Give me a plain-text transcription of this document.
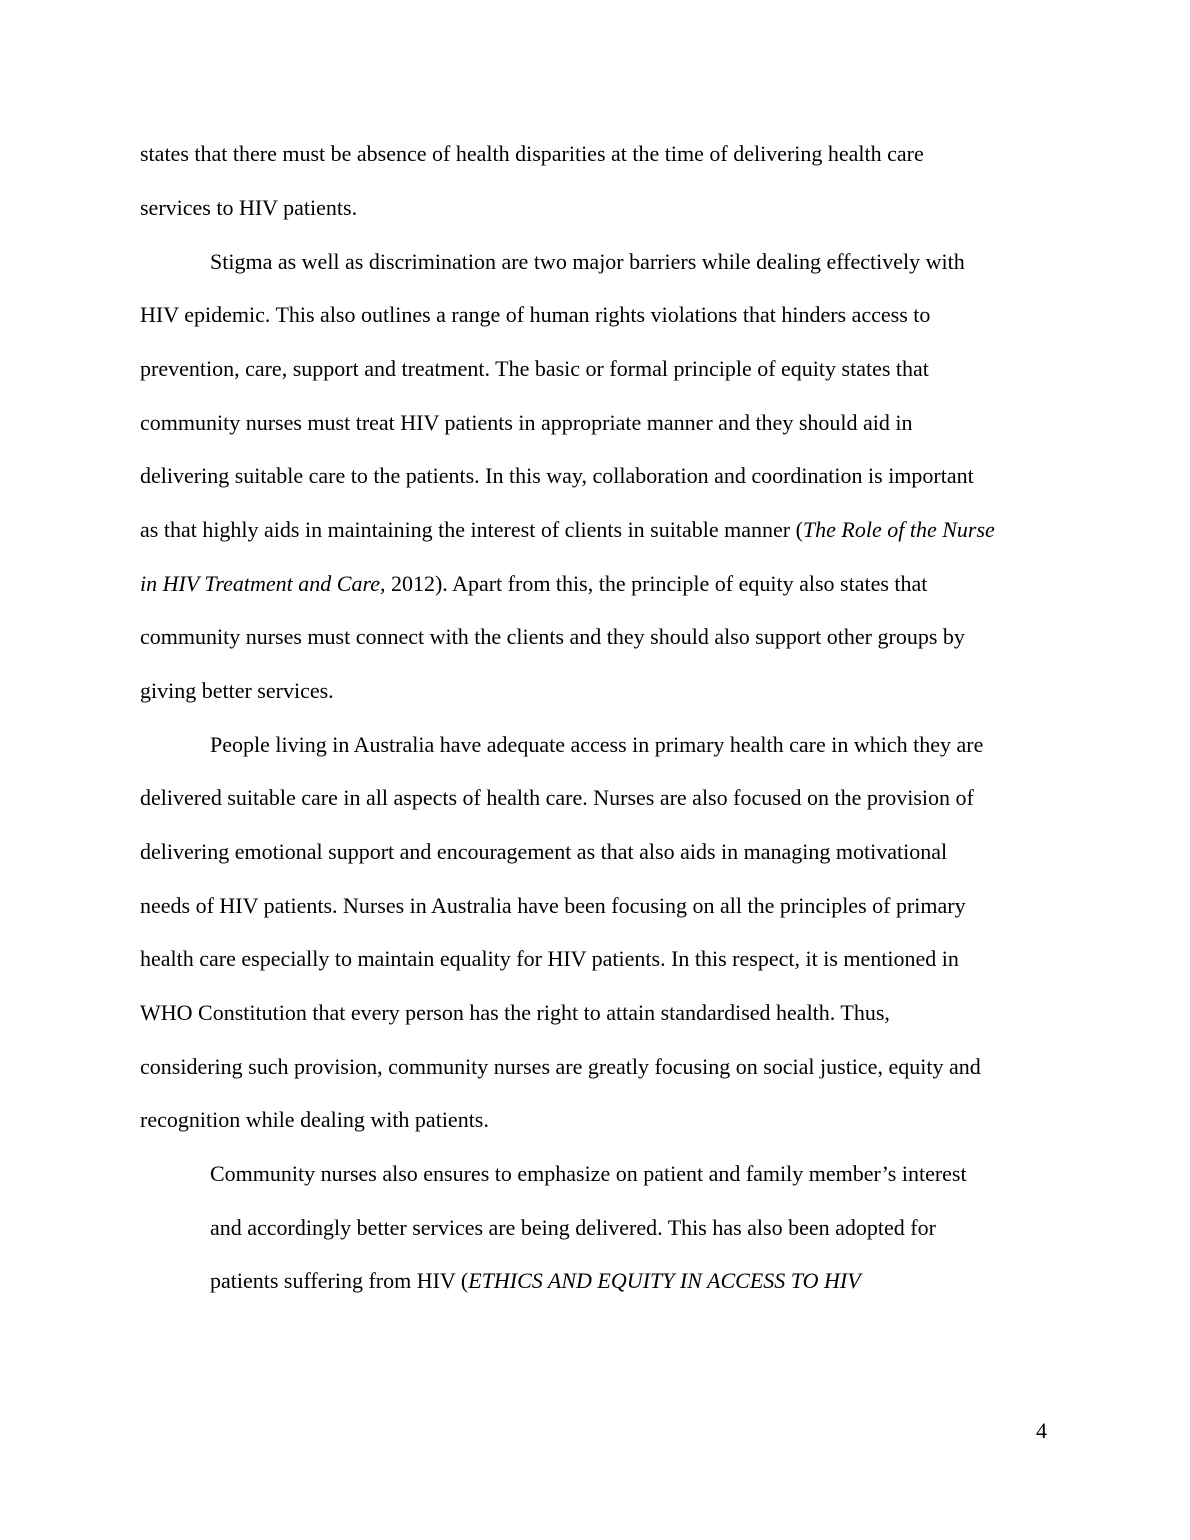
states that there must be absence of health disparities at the time of delivering health care
services to HIV patients.
Stigma as well as discrimination are two major barriers while dealing effectively with
HIV epidemic. This also outlines a range of human rights violations that hinders access to
prevention, care, support and treatment. The basic or formal principle of equity states that
community nurses must treat HIV patients in appropriate manner and they should aid in
delivering suitable care to the patients. In this way, collaboration and coordination is important
as that highly aids in maintaining the interest of clients in suitable manner (The Role of the Nurse
in HIV Treatment and Care, 2012). Apart from this, the principle of equity also states that
community nurses must connect with the clients and they should also support other groups by
giving better services.
People living in Australia have adequate access in primary health care in which they are
delivered suitable care in all aspects of health care. Nurses are also focused on the provision of
delivering emotional support and encouragement as that also aids in managing motivational
needs of HIV patients. Nurses in Australia have been focusing on all the principles of primary
health care especially to maintain equality for HIV patients. In this respect, it is mentioned in
WHO Constitution that every person has the right to attain standardised health. Thus,
considering such provision, community nurses are greatly focusing on social justice, equity and
recognition while dealing with patients.
Community nurses also ensures to emphasize on patient and family member’s interest
and accordingly better services are being delivered. This has also been adopted for
patients suffering from HIV (ETHICS AND EQUITY IN ACCESS TO HIV
4
